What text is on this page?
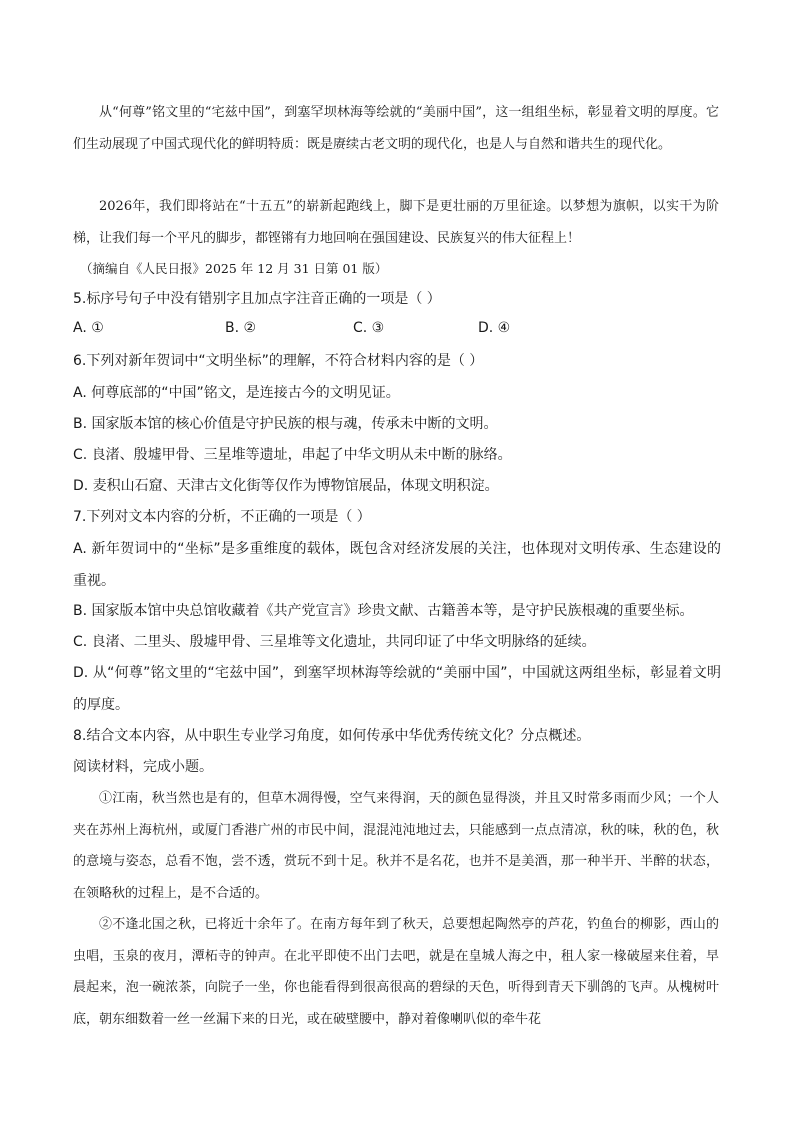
从“何尊”铭文里的“宅兹中国”，到塞罕坝林海等绘就的“美丽中国”，这一组组坐标，彰显着文明的厚度。它们生动展现了中国式现代化的鲜明特质：既是赓续古老文明的现代化，也是人与自然和谐共生的现代化。

2026年，我们即将站在“十五五”的崭新起跑线上，脚下是更壮丽的万里征途。以梦想为旗帜，以实干为阶梯，让我们每一个平凡的脚步，都铿锵有力地回响在强国建设、民族复兴的伟大征程上！

（摘编自《人民日报》2025 年 12 月 31 日第 01 版）

5.标序号句子中没有错别字且加点字注音正确的一项是（ ）

A. ①	B. ②	C. ③	D. ④

6.下列对新年贺词中“文明坐标”的理解，不符合材料内容的是（ ）

A. 何尊底部的“中国”铭文，是连接古今的文明见证。

B. 国家版本馆的核心价值是守护民族的根与魂，传承未中断的文明。

C. 良渚、殷墟甲骨、三星堆等遗址，串起了中华文明从未中断的脉络。

D. 麦积山石窟、天津古文化街等仅作为博物馆展品，体现文明积淀。

7.下列对文本内容的分析，不正确的一项是（ ）

A. 新年贺词中的“坐标”是多重维度的载体，既包含对经济发展的关注，也体现对文明传承、生态建设的重视。

B. 国家版本馆中央总馆收藏着《共产党宣言》珍贵文献、古籍善本等，是守护民族根魂的重要坐标。

C. 良渚、二里头、殷墟甲骨、三星堆等文化遗址，共同印证了中华文明脉络的延续。

D. 从“何尊”铭文里的“宅兹中国”，到塞罕坝林海等绘就的“美丽中国”，中国就这两组坐标，彰显着文明的厚度。

8.结合文本内容，从中职生专业学习角度，如何传承中华优秀传统文化？分点概述。

阅读材料，完成小题。

①江南，秋当然也是有的，但草木凋得慢，空气来得润，天的颜色显得淡，并且又时常多雨而少风；一个人夹在苏州上海杭州，或厦门香港广州的市民中间，混混沌沌地过去，只能感到一点点清凉，秋的味，秋的色，秋的意境与姿态，总看不饱，尝不透，赏玩不到十足。秋并不是名花，也并不是美酒，那一种半开、半醉的状态，在领略秋的过程上，是不合适的。

②不逢北国之秋，已将近十余年了。在南方每年到了秋天，总要想起陶然亭的芦花，钓鱼台的柳影，西山的虫唱，玉泉的夜月，潭柘寺的钟声。在北平即使不出门去吧，就是在皇城人海之中，租人家一椽破屋来住着，早晨起来，泡一碗浓茶，向院子一坐，你也能看得到很高很高的碧绿的天色，听得到青天下驯鸽的飞声。从槐树叶底，朝东细数着一丝一丝漏下来的日光，或在破壁腰中，静对着像喇叭似的牵牛花
